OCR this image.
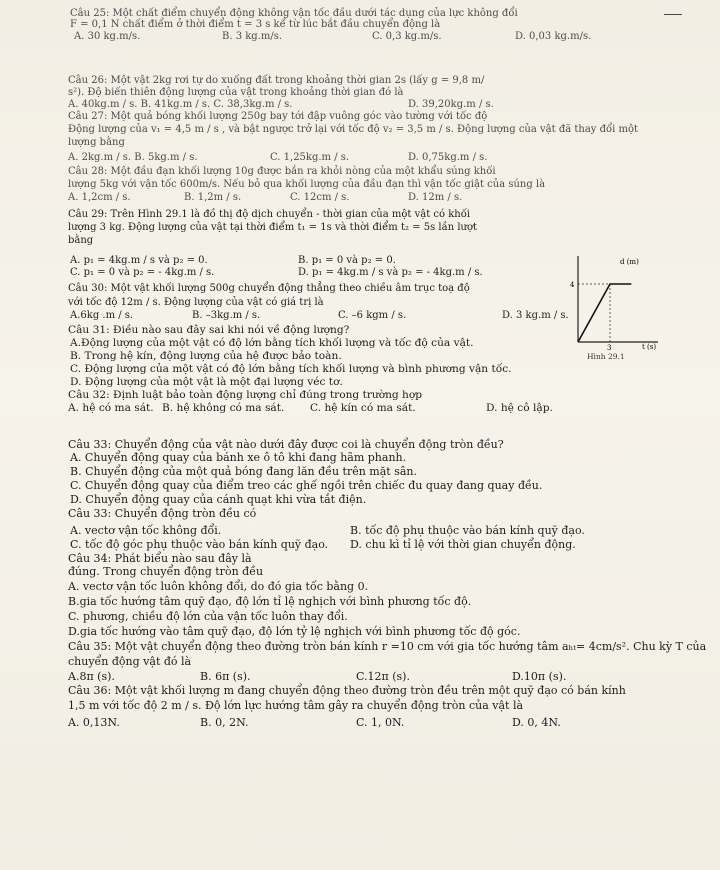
Câu 25: Một chất điểm chuyển động không vận tốc đầu dưới tác dụng của lực không đổi
F = 0,1 N chất điểm ở thời điểm t = 3 s kể từ lúc bắt đầu chuyển động là
A. 30 kg.m/s.	B. 3 kg.m/s.	C. 0,3 kg.m/s.	D. 0,03 kg.m/s.
Câu 26: Một vật 2kg rơi tự do xuống đất trong khoảng thời gian 2s (lấy g = 9,8 m/
s²). Độ biến thiên động lượng của vật trong khoảng thời gian đó là
A. 40kg.m / s. B. 41kg.m / s. C. 38,3kg.m / s.	D. 39,20kg.m / s.
Câu 27: Một quả bóng khối lượng 250g bay tới đập vuông góc vào tường với tốc độ
Động lượng của v₁ = 4,5 m / s , và bật ngược trở lại với tốc độ v₂ = 3,5 m / s. Động lượng của vật đã thay đổi một
lượng bằng
A. 2kg.m / s. B. 5kg.m / s.	C. 1,25kg.m / s.	D. 0,75kg.m / s.
Câu 28: Một đầu đạn khối lượng 10g được bắn ra khỏi nòng của một khẩu súng khối
lượng 5kg với vận tốc 600m/s. Nếu bỏ qua khối lượng của đầu đạn thì vận tốc giật của súng là
A. 1,2cm / s.	B. 1,2m / s.	C. 12cm / s.	D. 12m / s.
Câu 29: Trên Hình 29.1 là đồ thị độ dịch chuyển - thời gian của một vật có khối
lượng 3 kg. Động lượng của vật tại thời điểm t₁ = 1s và thời điểm t₂ = 5s lần lượt
bằng
A. p₁ = 4kg.m / s và p₂ = 0.	B. p₁ = 0 và p₂ = 0.
C. p₁ = 0 và p₂ = - 4kg.m / s.	D. p₁ = 4kg.m / s và p₂ = - 4kg.m / s.
d (m)
t (s)
4
3
Hình 29.1
Câu 30: Một vật khối lượng 500g chuyển động thẳng theo chiều âm trục toạ độ
với tốc độ 12m / s. Động lượng của vật có giá trị là
A.6kg .m / s.	B. –3kg.m / s.	C. –6 kgm / s.	D. 3 kg.m / s.
Câu 31: Điều nào sau đây sai khi nói về động lượng?
A.Động lượng của một vật có độ lớn bằng tích khối lượng và tốc độ của vật.
B. Trong hệ kín, động lượng của hệ được bảo toàn.
C. Động lượng của một vật có độ lớn bằng tích khối lượng và bình phương vận tốc.
D. Động lượng của một vật là một đại lượng véc tơ.
Câu 32: Định luật bảo toàn động lượng chỉ đúng trong trường hợp
A. hệ có ma sát. B. hệ không có ma sát. C. hệ kín có ma sát.	D. hệ cô lập.
Câu 33: Chuyển động của vật nào dưới đây được coi là chuyển động tròn đều?
A. Chuyển động quay của bánh xe ô tô khi đang hãm phanh.
B. Chuyển động của một quả bóng đang lăn đều trên mặt sân.
C. Chuyển động quay của điểm treo các ghế ngồi trên chiếc đu quay đang quay đều.
D. Chuyển động quay của cánh quạt khi vừa tắt điện.
Câu 33: Chuyển động tròn đều có
A. vectơ vận tốc không đổi.	B. tốc độ phụ thuộc vào bán kính quỹ đạo.
C. tốc độ góc phụ thuộc vào bán kính quỹ đạo. D. chu kì tỉ lệ với thời gian chuyển động.
Câu 34: Phát biểu nào sau đây là
đúng. Trong chuyển động tròn đều
A. vectơ vận tốc luôn không đổi, do đó gia tốc bằng 0.
B.gia tốc hướng tâm quỹ đạo, độ lớn tỉ lệ nghịch với bình phương tốc độ.
C. phương, chiều độ lớn của vận tốc luôn thay đổi.
D.gia tốc hướng vào tâm quỹ đạo, độ lớn tỷ lệ nghịch với bình phương tốc độ góc.
Câu 35: Một vật chuyển động theo đường tròn bán kính r =10 cm với gia tốc hướng tâm aₕₜ= 4cm/s². Chu kỳ T của
chuyển động vật đó là
A.8π (s).	B. 6π (s).	C.12π (s).	D.10π (s).
Câu 36: Một vật khối lượng m đang chuyển động theo đường tròn đều trên một quỹ đạo có bán kính
1,5 m với tốc độ 2 m / s. Độ lớn lực hướng tâm gây ra chuyển động tròn của vật là
A. 0,13N.	B. 0, 2N.	C. 1, 0N.	D. 0, 4N.
